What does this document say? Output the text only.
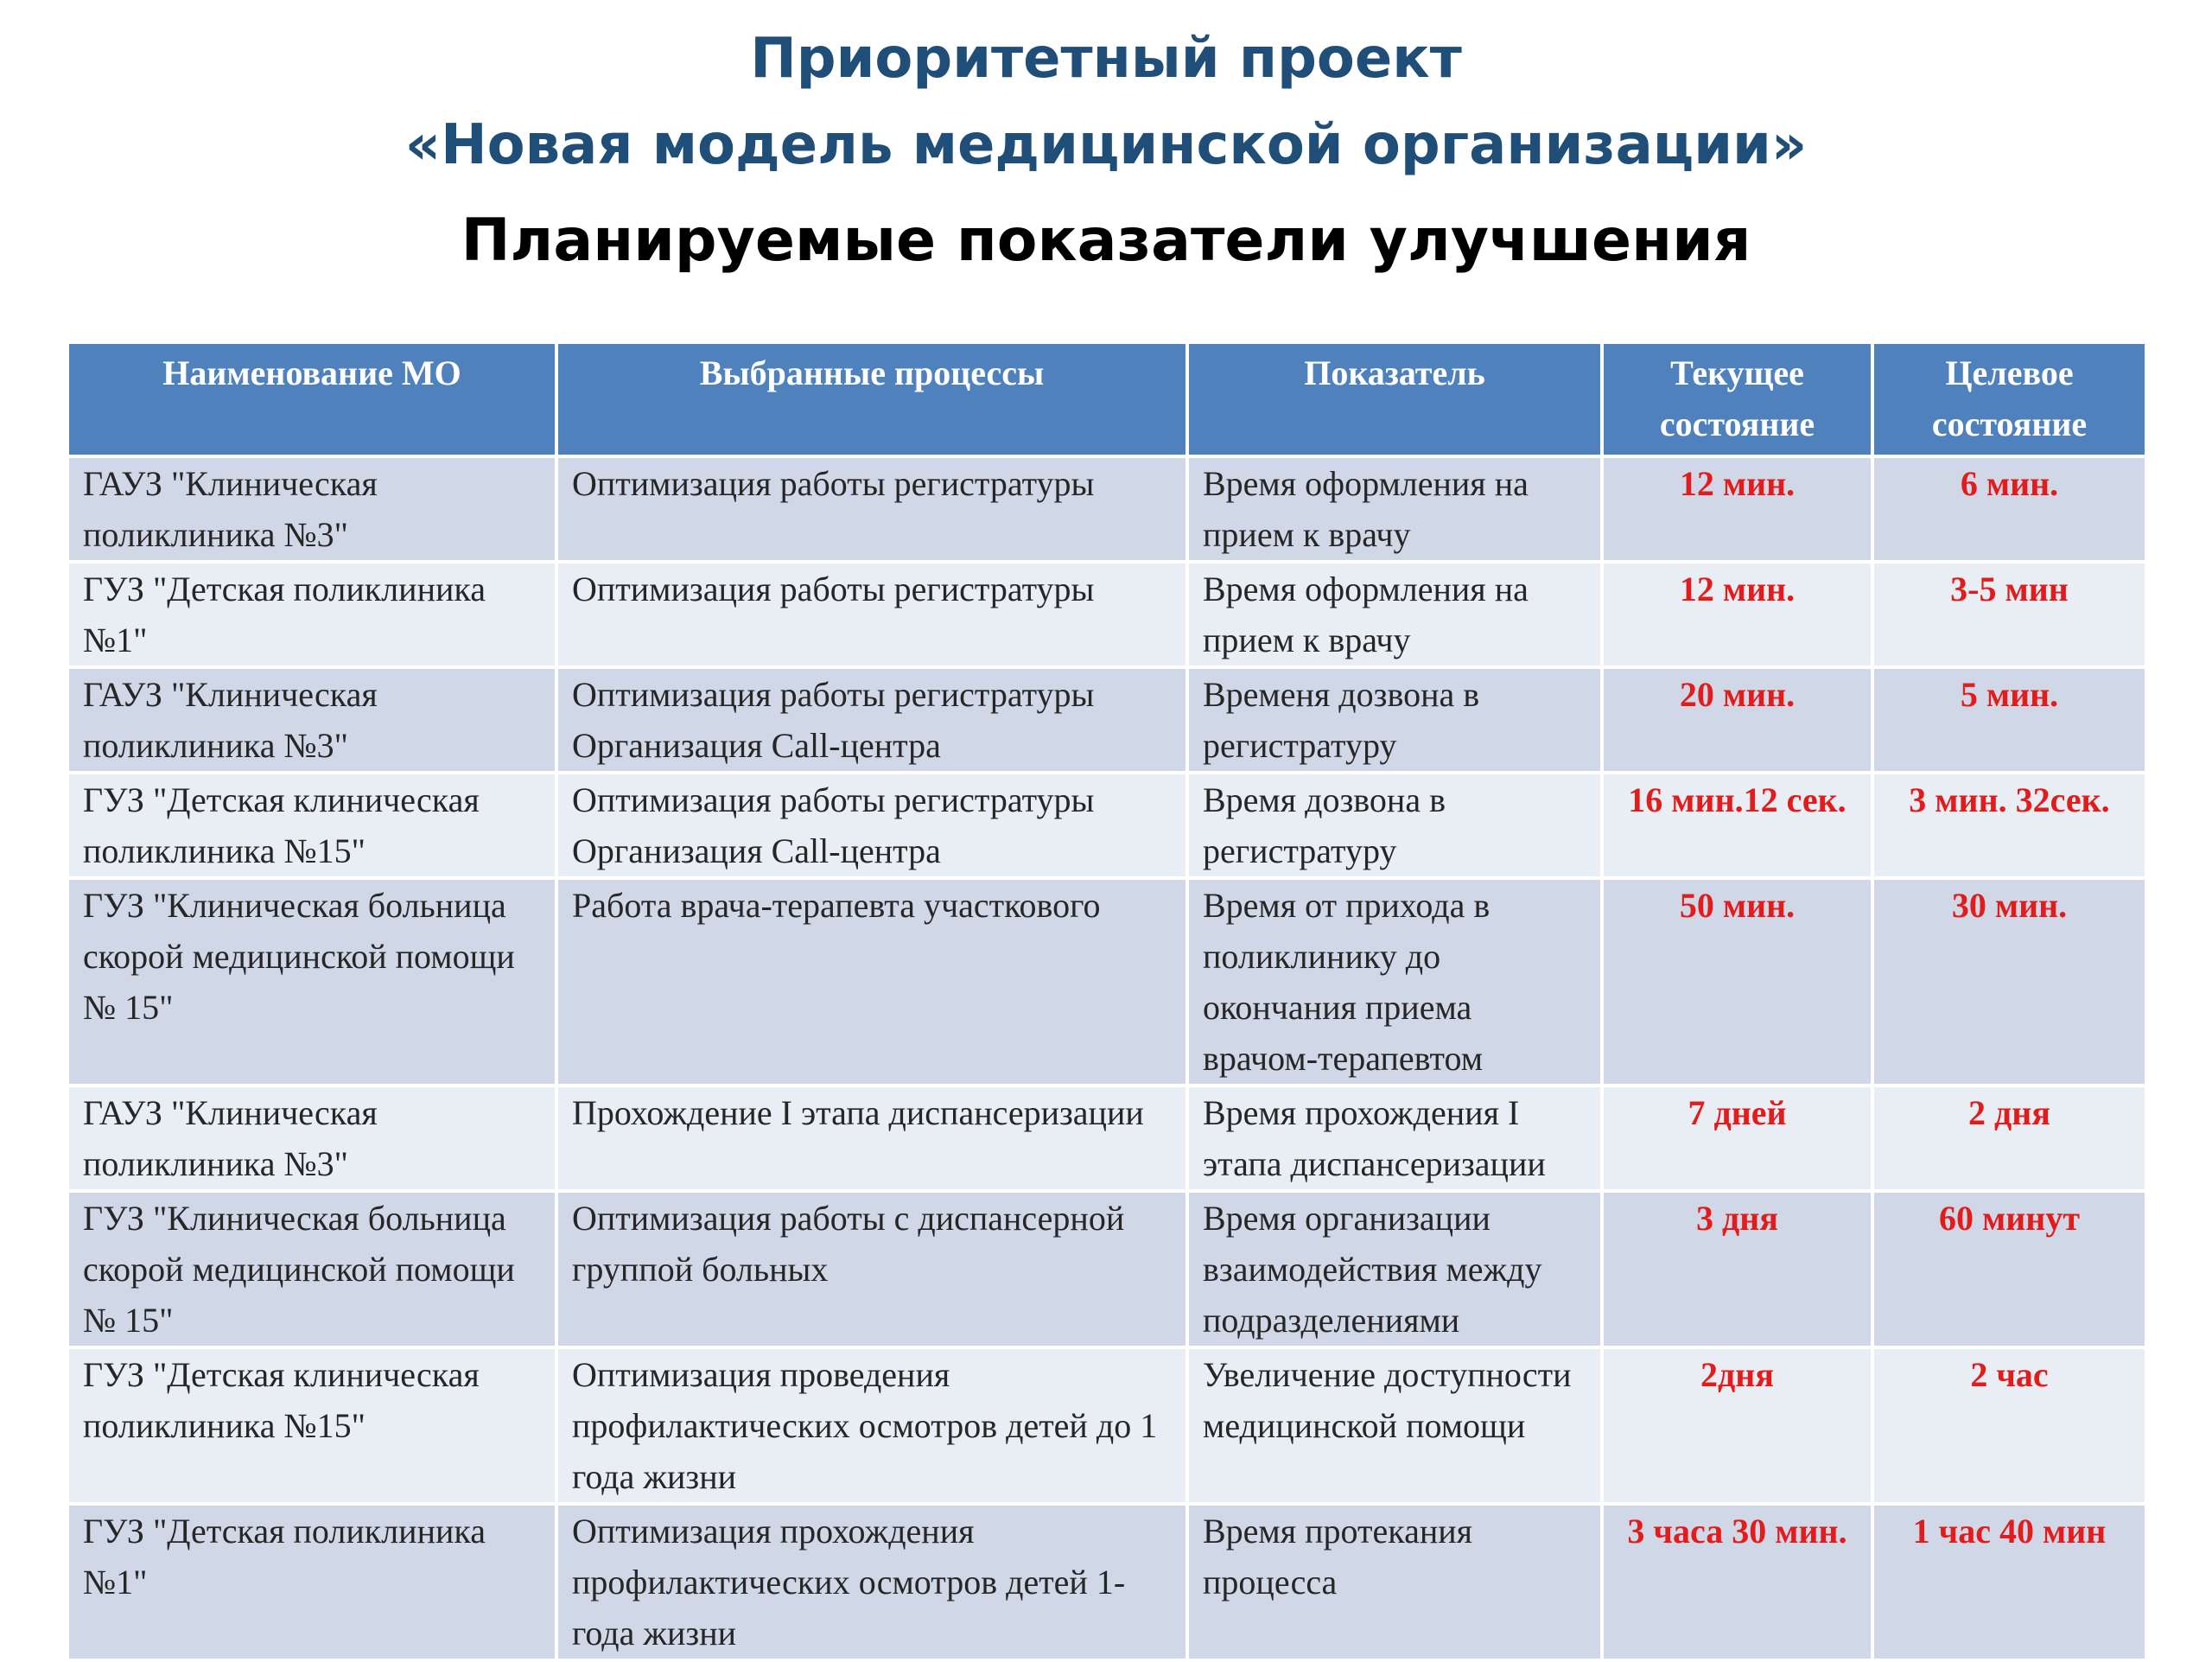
Приоритетный проект
«Новая модель медицинской организации»
Планируемые показатели улучшения
Наименование МО	Выбранные процессы	Показатель	Текущее состояние	Целевое состояние
ГАУЗ "Клиническая поликлиника №3"	Оптимизация работы регистратуры	Время оформления на прием к врачу	12 мин.	6 мин.
ГУЗ "Детская поликлиника №1"	Оптимизация работы регистратуры	Время оформления на прием к врачу	12 мин.	3-5 мин
ГАУЗ "Клиническая поликлиника №3"	Оптимизация работы регистратуры Организация Call-центра	Временя дозвона в регистратуру	20 мин.	5 мин.
ГУЗ "Детская клиническая поликлиника №15"	Оптимизация работы регистратуры Организация Call-центра	Время дозвона в регистратуру	16 мин.12 сек.	3 мин. 32сек.
ГУЗ "Клиническая больница скорой медицинской помощи № 15"	Работа врача-терапевта участкового	Время от прихода в поликлинику до окончания приема врачом-терапевтом	50 мин.	30 мин.
ГАУЗ "Клиническая поликлиника №3"	Прохождение I этапа диспансеризации	Время прохождения I этапа диспансеризации	7 дней	2 дня
ГУЗ "Клиническая больница скорой медицинской помощи № 15"	Оптимизация работы с диспансерной группой больных	Время организации взаимодействия между подразделениями	3 дня	60 минут
ГУЗ "Детская клиническая поликлиника №15"	Оптимизация проведения профилактических осмотров детей до 1 года жизни	Увеличение доступности медицинской помощи	2дня	2 час
ГУЗ "Детская поликлиника №1"	Оптимизация прохождения профилактических осмотров детей 1-года жизни	Время протекания процесса	3 часа 30 мин.	1 час 40 мин
